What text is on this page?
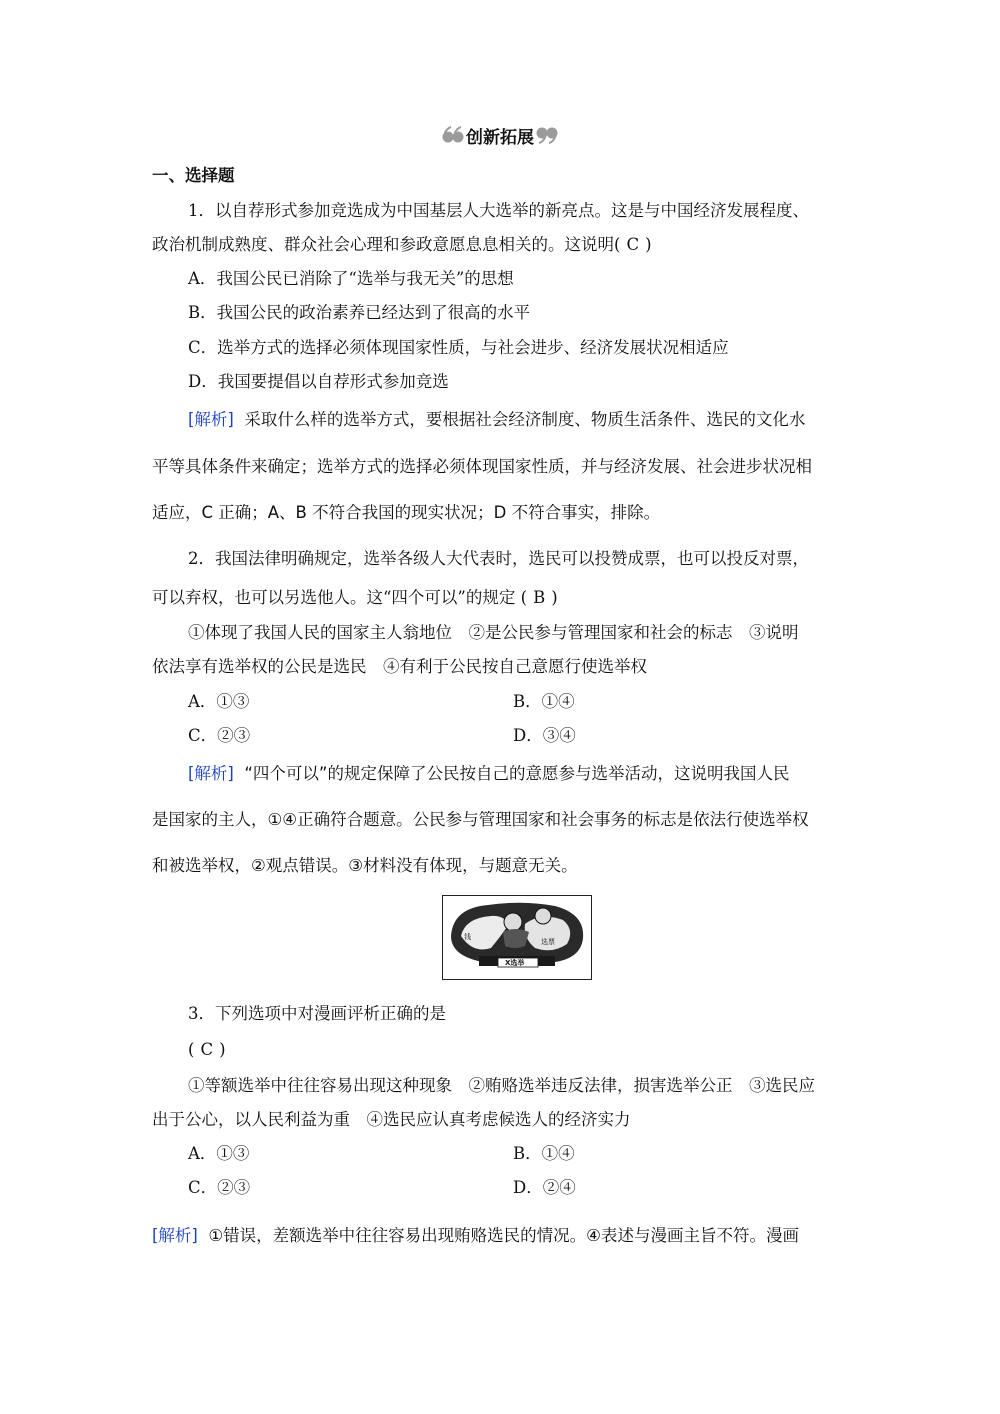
创新拓展
一、选择题
1．以自荐形式参加竞选成为中国基层人大选举的新亮点。这是与中国经济发展程度、
政治机制成熟度、群众社会心理和参政意愿息息相关的。这说明( C )
A．我国公民已消除了“选举与我无关”的思想
B．我国公民的政治素养已经达到了很高的水平
C．选举方式的选择必须体现国家性质，与社会进步、经济发展状况相适应
D．我国要提倡以自荐形式参加竞选
[解析] 采取什么样的选举方式，要根据社会经济制度、物质生活条件、选民的文化水
平等具体条件来确定；选举方式的选择必须体现国家性质，并与经济发展、社会进步状况相
适应，C 正确；A、B 不符合我国的现实状况；D 不符合事实，排除。
2．我国法律明确规定，选举各级人大代表时，选民可以投赞成票，也可以投反对票，
可以弃权，也可以另选他人。这“四个可以”的规定 ( B )
①体现了我国人民的国家主人翁地位　②是公民参与管理国家和社会的标志　③说明
依法享有选举权的公民是选民　④有利于公民按自己意愿行使选举权
A．①③	B．①④
C．②③	D．③④
[解析] “四个可以”的规定保障了公民按自己的意愿参与选举活动，这说明我国人民
是国家的主人，①④正确符合题意。公民参与管理国家和社会事务的标志是依法行使选举权
和被选举权，②观点错误。③材料没有体现，与题意无关。
钱
选票
X选举
3．下列选项中对漫画评析正确的是
( C )
①等额选举中往往容易出现这种现象　②贿赂选举违反法律，损害选举公正　③选民应
出于公心，以人民利益为重　④选民应认真考虑候选人的经济实力
A．①③	B．①④
C．②③	D．②④
[解析] ①错误，差额选举中往往容易出现贿赂选民的情况。④表述与漫画主旨不符。漫画
